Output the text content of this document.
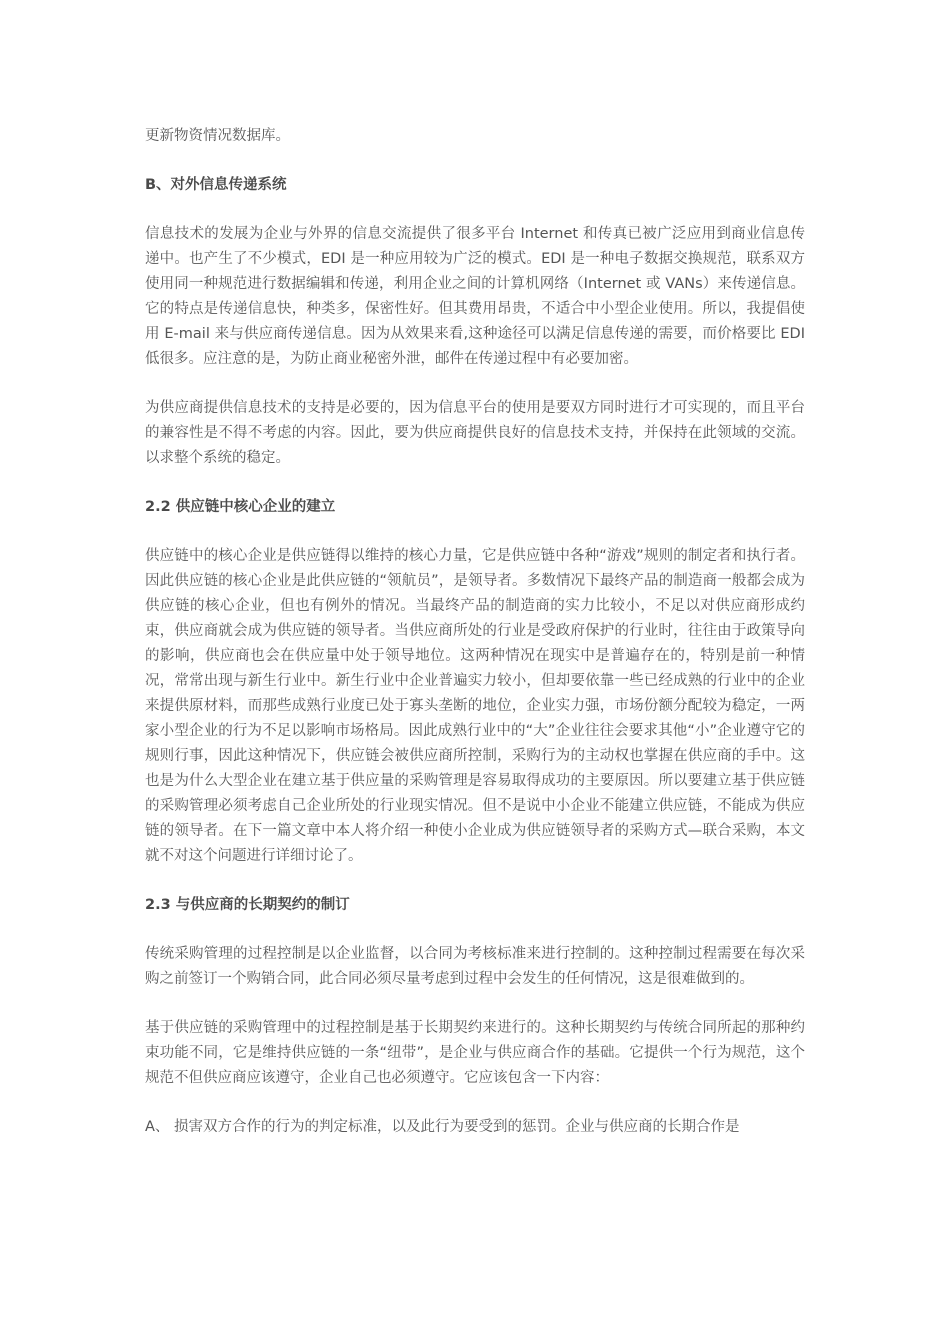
更新物资情况数据库。

B、对外信息传递系统

信息技术的发展为企业与外界的信息交流提供了很多平台 Internet 和传真已被广泛应用到商业信息传递中。也产生了不少模式，EDI 是一种应用较为广泛的模式。EDI 是一种电子数据交换规范，联系双方使用同一种规范进行数据编辑和传递，利用企业之间的计算机网络（Internet 或 VANs）来传递信息。它的特点是传递信息快，种类多，保密性好。但其费用昂贵，不适合中小型企业使用。所以，我提倡使用 E-mail 来与供应商传递信息。因为从效果来看,这种途径可以满足信息传递的需要，而价格要比 EDI 低很多。应注意的是，为防止商业秘密外泄，邮件在传递过程中有必要加密。

为供应商提供信息技术的支持是必要的，因为信息平台的使用是要双方同时进行才可实现的，而且平台的兼容性是不得不考虑的内容。因此，要为供应商提供良好的信息技术支持，并保持在此领域的交流。以求整个系统的稳定。

2.2 供应链中核心企业的建立

供应链中的核心企业是供应链得以维持的核心力量，它是供应链中各种“游戏”规则的制定者和执行者。因此供应链的核心企业是此供应链的“领航员”，是领导者。多数情况下最终产品的制造商一般都会成为供应链的核心企业，但也有例外的情况。当最终产品的制造商的实力比较小，不足以对供应商形成约束，供应商就会成为供应链的领导者。当供应商所处的行业是受政府保护的行业时，往往由于政策导向的影响，供应商也会在供应量中处于领导地位。这两种情况在现实中是普遍存在的，特别是前一种情况，常常出现与新生行业中。新生行业中企业普遍实力较小，但却要依靠一些已经成熟的行业中的企业来提供原材料，而那些成熟行业度已处于寡头垄断的地位，企业实力强，市场份额分配较为稳定，一两家小型企业的行为不足以影响市场格局。因此成熟行业中的“大”企业往往会要求其他“小”企业遵守它的规则行事，因此这种情况下，供应链会被供应商所控制，采购行为的主动权也掌握在供应商的手中。这也是为什么大型企业在建立基于供应量的采购管理是容易取得成功的主要原因。所以要建立基于供应链的采购管理必须考虑自己企业所处的行业现实情况。但不是说中小企业不能建立供应链，不能成为供应链的领导者。在下一篇文章中本人将介绍一种使小企业成为供应链领导者的采购方式—联合采购，本文就不对这个问题进行详细讨论了。

2.3 与供应商的长期契约的制订

传统采购管理的过程控制是以企业监督，以合同为考核标准来进行控制的。这种控制过程需要在每次采购之前签订一个购销合同，此合同必须尽量考虑到过程中会发生的任何情况，这是很难做到的。

基于供应链的采购管理中的过程控制是基于长期契约来进行的。这种长期契约与传统合同所起的那种约束功能不同，它是维持供应链的一条“纽带”，是企业与供应商合作的基础。它提供一个行为规范，这个规范不但供应商应该遵守，企业自己也必须遵守。它应该包含一下内容：

A、 损害双方合作的行为的判定标准，以及此行为要受到的惩罚。企业与供应商的长期合作是
